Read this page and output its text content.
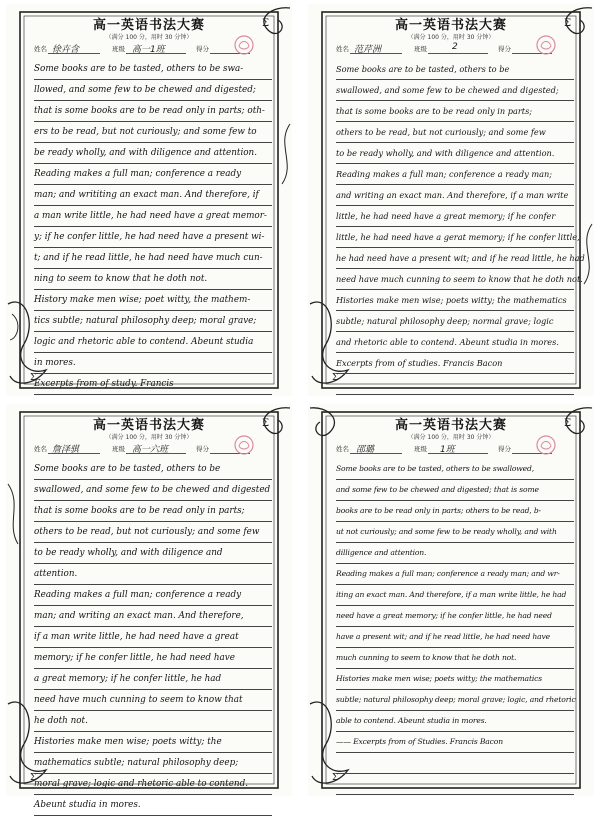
Σ
Σ
高一英语书法大赛
（满分 100 分，用时 30 分钟）
姓名 徐卉含	班级 高一1班	得分
Some books are to be tasted, others to be swa-
llowed, and some few to be chewed and digested;
that is some books are to be read only in parts; oth-
ers to be read, but not curiously; and some few to
be ready wholly, and with diligence and attention.
Reading makes a full man; conference a ready
man; and writiting an exact man. And therefore, if
a man write little, he had need have a great memor-
y; if he confer little, he had need have a present wi-
t; and if he read little, he had need have much cun-
ning to seem to know that he doth not.
History make men wise; poet witty, the mathem-
tics subtle; natural philosophy deep; moral grave;
logic and rhetoric able to contend. Abeunt studia
in mores.
Excerpts from of study. Francis
Σ
Σ
高一英语书法大赛
（满分 100 分，用时 30 分钟）
姓名 范芹洲	班级	2	得分
Some books are to be tasted, others to be
swallowed, and some few to be chewed and digested;
that is some books are to be read only in parts;
others to be read, but not curiously; and some few
to be ready wholly, and with diligence and attention.
Reading makes a full man; conference a ready man;
and writing an exact man. And therefore, if a man write
little, he had need have a great memory; if he confer
little, he had need have a gerat memory; if he confer little,
he had need have a present wit; and if he read little, he had
need have much cunning to seem to know that he doth not.
Histories make men wise; poets witty; the mathematics
subtle; natural philosophy deep; normal grave; logic
and rhetoric able to contend. Abeunt studia in mores.
Excerpts from of studies. Francis Bacon
Σ
Σ
高一英语书法大赛
（满分 100 分，用时 30 分钟）
姓名 詹泽骐	班级 高一六班	得分
Some books are to be tasted, others to be
swallowed, and some few to be chewed and digested
that is some books are to be read only in parts;
others to be read, but not curiously; and some few
to be ready wholly, and with diligence and
attention.
Reading makes a full man; conference a ready
man; and writing an exact man. And therefore,
if a man write little, he had need have a great
memory; if he confer little, he had need have
a great memory; if he confer little, he had
need have much cunning to seem to know that
he doth not.
Histories make men wise; poets witty; the
mathematics subtle; natural philosophy deep;
moral grave; logic and rhetoric able to contend.
Abeunt studia in mores.
Σ
Σ
高一英语书法大赛
（满分 100 分，用时 30 分钟）
姓名 邵璐	班级 1班	得分
Some books are to be tasted, others to be swallowed,
and some few to be chewed and digested; that is some
books are to be read only in parts; others to be read, b-
ut not curiously; and some few to be ready wholly, and with
dilligence and attention.
Reading makes a full man; conference a ready man; and wr-
iting an exact man. And therefore, if a man write little, he had
need have a great memory; if he confer little, he had need
have a present wit; and if he read little, he had need have
much cunning to seem to know that he doth not.
Histories make men wise; poets witty; the mathematics
subtle; natural philosophy deep; moral grave; logic, and rhetoric
able to contend. Abeunt studia in mores.
—— Excerpts from of Studies. Francis Bacon
